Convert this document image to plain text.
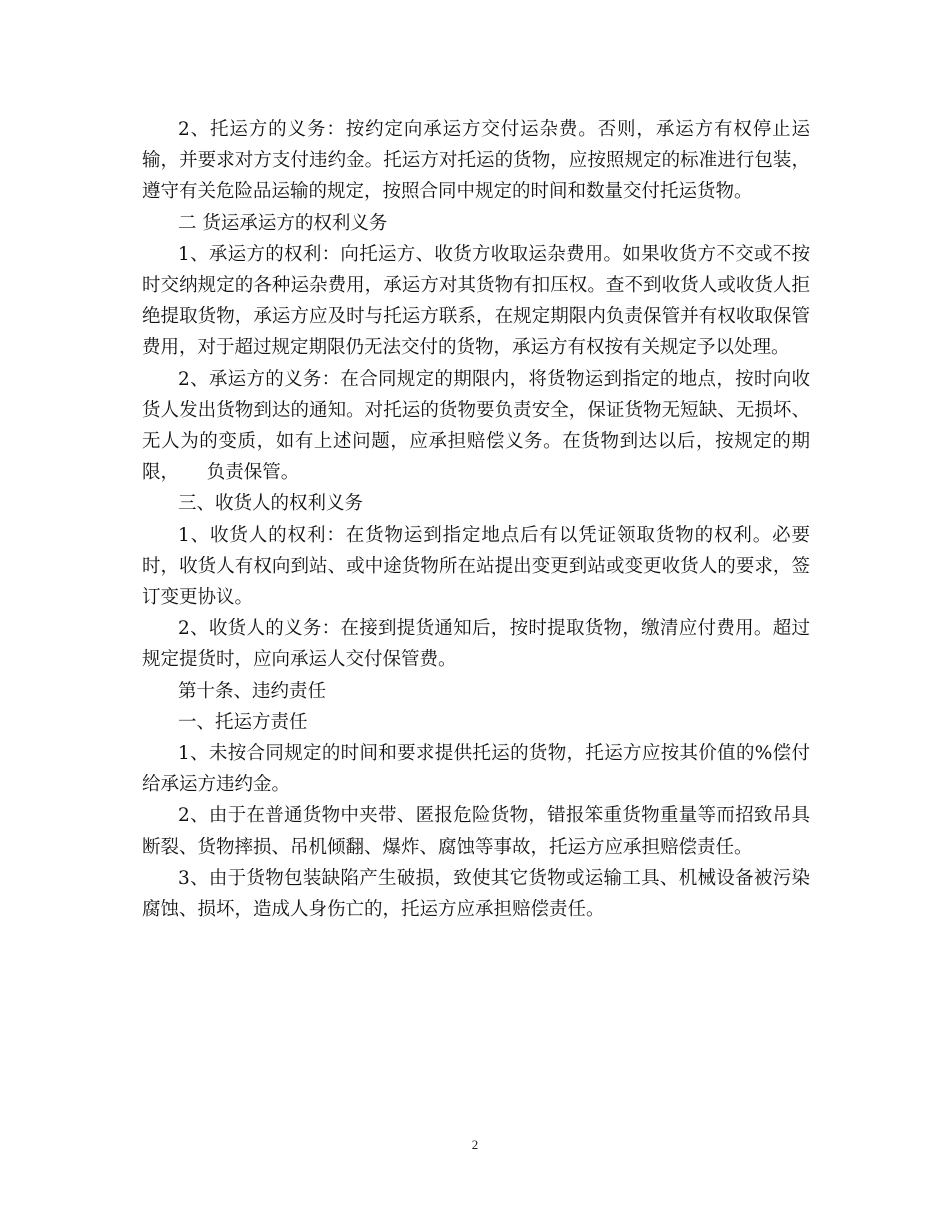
2、托运方的义务：按约定向承运方交付运杂费。否则，承运方有权停止运输，并要求对方支付违约金。托运方对托运的货物，应按照规定的标准进行包装，遵守有关危险品运输的规定，按照合同中规定的时间和数量交付托运货物。

二 货运承运方的权利义务

1、承运方的权利：向托运方、收货方收取运杂费用。如果收货方不交或不按时交纳规定的各种运杂费用，承运方对其货物有扣压权。查不到收货人或收货人拒绝提取货物，承运方应及时与托运方联系，在规定期限内负责保管并有权收取保管费用，对于超过规定期限仍无法交付的货物，承运方有权按有关规定予以处理。

2、承运方的义务：在合同规定的期限内，将货物运到指定的地点，按时向收货人发出货物到达的通知。对托运的货物要负责安全，保证货物无短缺、无损坏、无人为的变质，如有上述问题，应承担赔偿义务。在货物到达以后，按规定的期限，　　负责保管。

三、收货人的权利义务

1、收货人的权利：在货物运到指定地点后有以凭证领取货物的权利。必要时，收货人有权向到站、或中途货物所在站提出变更到站或变更收货人的要求，签订变更协议。

2、收货人的义务：在接到提货通知后，按时提取货物，缴清应付费用。超过规定提货时，应向承运人交付保管费。

第十条、违约责任

一、托运方责任

1、未按合同规定的时间和要求提供托运的货物，托运方应按其价值的%偿付给承运方违约金。

2、由于在普通货物中夹带、匿报危险货物，错报笨重货物重量等而招致吊具断裂、货物摔损、吊机倾翻、爆炸、腐蚀等事故，托运方应承担赔偿责任。

3、由于货物包装缺陷产生破损，致使其它货物或运输工具、机械设备被污染腐蚀、损坏，造成人身伤亡的，托运方应承担赔偿责任。

2
